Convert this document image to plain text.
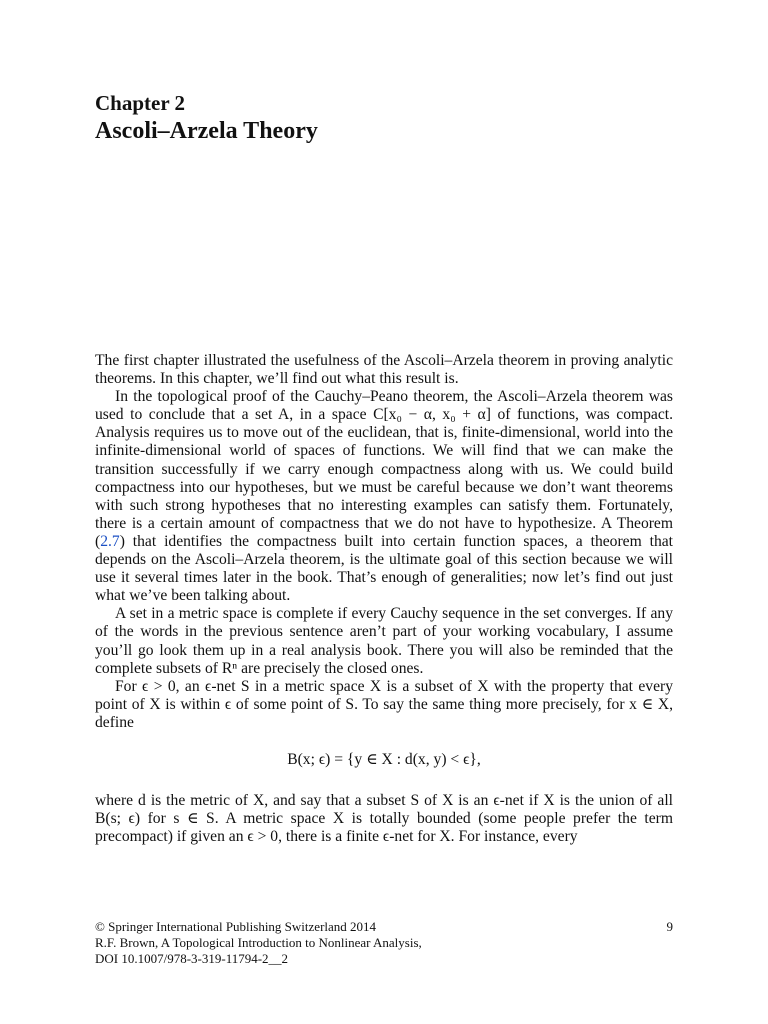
Chapter 2
Ascoli–Arzela Theory

The first chapter illustrated the usefulness of the Ascoli–Arzela theorem in proving analytic theorems. In this chapter, we’ll find out what this result is.

In the topological proof of the Cauchy–Peano theorem, the Ascoli–Arzela theorem was used to conclude that a set A, in a space C[x₀ − α, x₀ + α] of functions, was compact. Analysis requires us to move out of the euclidean, that is, finite-dimensional, world into the infinite-dimensional world of spaces of functions. We will find that we can make the transition successfully if we carry enough compactness along with us. We could build compactness into our hypotheses, but we must be careful because we don’t want theorems with such strong hypotheses that no interesting examples can satisfy them. Fortunately, there is a certain amount of compactness that we do not have to hypothesize. A Theorem (2.7) that identifies the compactness built into certain function spaces, a theorem that depends on the Ascoli–Arzela theorem, is the ultimate goal of this section because we will use it several times later in the book. That’s enough of generalities; now let’s find out just what we’ve been talking about.

A set in a metric space is complete if every Cauchy sequence in the set converges. If any of the words in the previous sentence aren’t part of your working vocabulary, I assume you’ll go look them up in a real analysis book. There you will also be reminded that the complete subsets of Rⁿ are precisely the closed ones.

For ϵ > 0, an ϵ-net S in a metric space X is a subset of X with the property that every point of X is within ϵ of some point of S. To say the same thing more precisely, for x ∈ X, define

B(x; ϵ) = {y ∈ X : d(x, y) < ϵ},

where d is the metric of X, and say that a subset S of X is an ϵ-net if X is the union of all B(s; ϵ) for s ∈ S. A metric space X is totally bounded (some people prefer the term precompact) if given an ϵ > 0, there is a finite ϵ-net for X. For instance, every

© Springer International Publishing Switzerland 2014	9

R.F. Brown, A Topological Introduction to Nonlinear Analysis,

DOI 10.1007/978-3-319-11794-2__2
